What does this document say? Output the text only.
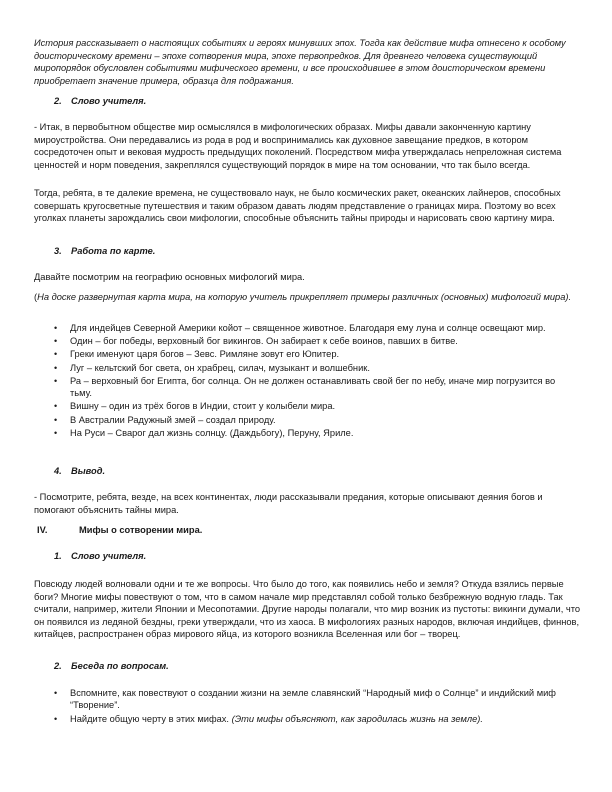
История рассказывает о настоящих событиях и героях минувших эпох. Тогда как действие мифа отнесено к особому доисторическому времени – эпохе сотворения мира, эпохе первопредков. Для древнего человека существующий миропорядок обусловлен событиями мифического времени, и все происходившее в этом доисторическом времени приобретает значение примера, образца для подражания.

2. Слово учителя.

- Итак, в первобытном обществе мир осмыслялся в мифологических образах. Мифы давали законченную картину мироустройства. Они передавались из рода в род и воспринимались как духовное завещание предков, в котором сосредоточен опыт и вековая мудрость предыдущих поколений. Посредством мифа утверждалась непреложная система ценностей и норм поведения, закреплялся существующий порядок в мире на том основании, что так было всегда.

Тогда, ребята, в те далекие времена, не существовало наук, не было космических ракет, океанских лайнеров, способных совершать кругосветные путешествия и таким образом давать людям представление о границах мира. Поэтому во всех уголках планеты зарождались свои мифологии, способные объяснить тайны природы и нарисовать свою картину мира.

3. Работа по карте.

Давайте посмотрим на географию основных мифологий мира.

(На доске развернутая карта мира, на которую учитель прикрепляет примеры различных (основных) мифологий мира).

• Для индейцев Северной Америки койот – священное животное. Благодаря ему луна и солнце освещают мир.
• Один – бог победы, верховный бог викингов. Он забирает к себе воинов, павших в битве.
• Греки именуют царя богов – Зевс. Римляне зовут его Юпитер.
• Луг – кельтский бог света, он храбрец, силач, музыкант и волшебник.
• Ра – верховный бог Египта, бог солнца. Он не должен останавливать свой бег по небу, иначе мир погрузится во тьму.
• Вишну – один из трёх богов в Индии, стоит у колыбели мира.
• В Австралии Радужный змей – создал природу.
• На Руси – Сварог дал жизнь солнцу. (Даждьбогу), Перуну, Яриле.

4. Вывод.

- Посмотрите, ребята, везде, на всех континентах, люди рассказывали предания, которые описывают деяния богов и помогают объяснить тайны мира.

IV.	Мифы о сотворении мира.

1. Слово учителя.

Повсюду людей волновали одни и те же вопросы. Что было до того, как появились небо и земля? Откуда взялись первые боги? Многие мифы повествуют о том, что в самом начале мир представлял собой только безбрежную водную гладь. Так считали, например, жители Японии и Месопотамии. Другие народы полагали, что мир возник из пустоты: викинги думали, что он появился из ледяной бездны, греки утверждали, что из хаоса. В мифологиях разных народов, включая индийцев, финнов, китайцев, распространен образ мирового яйца, из которого возникла Вселенная или бог – творец.

2. Беседа по вопросам.

• Вспомните, как повествуют о создании жизни на земле славянский “Народный миф о Солнце” и индийский миф “Творение”.
• Найдите общую черту в этих мифах. (Эти мифы объясняют, как зародилась жизнь на земле).
